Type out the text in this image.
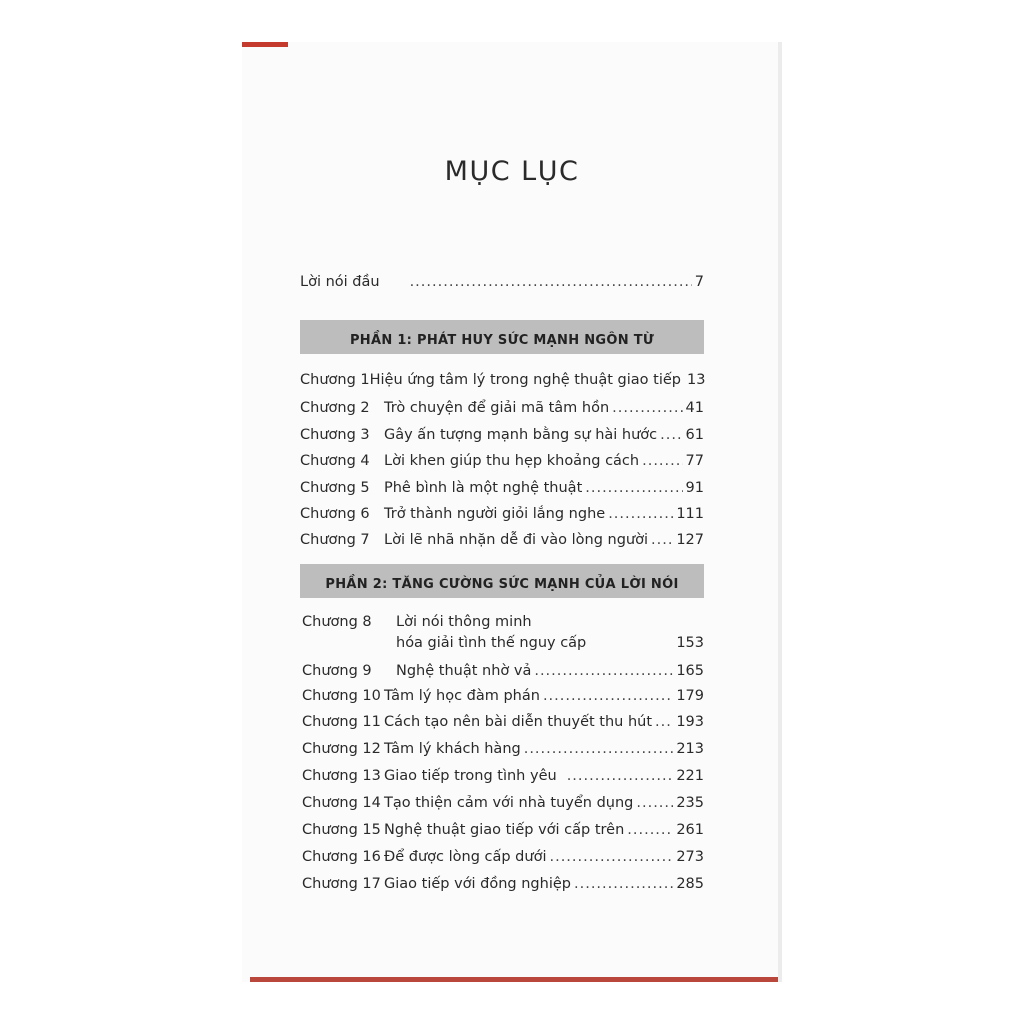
MỤC LỤC
Lời nói đầu .....	7
PHẦN 1: PHÁT HUY SỨC MẠNH NGÔN TỪ
Chương 1 Hiệu ứng tâm lý trong nghệ thuật giao tiếp 13
Chương 2 Trò chuyện để giải mã tâm hồn .....	41
Chương 3 Gây ấn tượng mạnh bằng sự hài hước ..... 61
Chương 4 Lời khen giúp thu hẹp khoảng cách .....	77
Chương 5 Phê bình là một nghệ thuật .....	91
Chương 6 Trở thành người giỏi lắng nghe .....	111
Chương 7 Lời lẽ nhã nhặn dễ đi vào lòng người ..... 127
PHẦN 2: TĂNG CƯỜNG SỨC MẠNH CỦA LỜI NÓI
Chương 8	Lời nói thông minh
hóa giải tình thế nguy cấp	153
Chương 9	Nghệ thuật nhờ vả .....	165
Chương 10 Tâm lý học đàm phán .....	179
Chương 11 Cách tạo nên bài diễn thuyết thu hút ..... 193
Chương 12 Tâm lý khách hàng .....	213
Chương 13 Giao tiếp trong tình yêu .....	221
Chương 14 Tạo thiện cảm với nhà tuyển dụng .....	235
Chương 15 Nghệ thuật giao tiếp với cấp trên .....	261
Chương 16 Để được lòng cấp dưới .....	273
Chương 17 Giao tiếp với đồng nghiệp .....	285
